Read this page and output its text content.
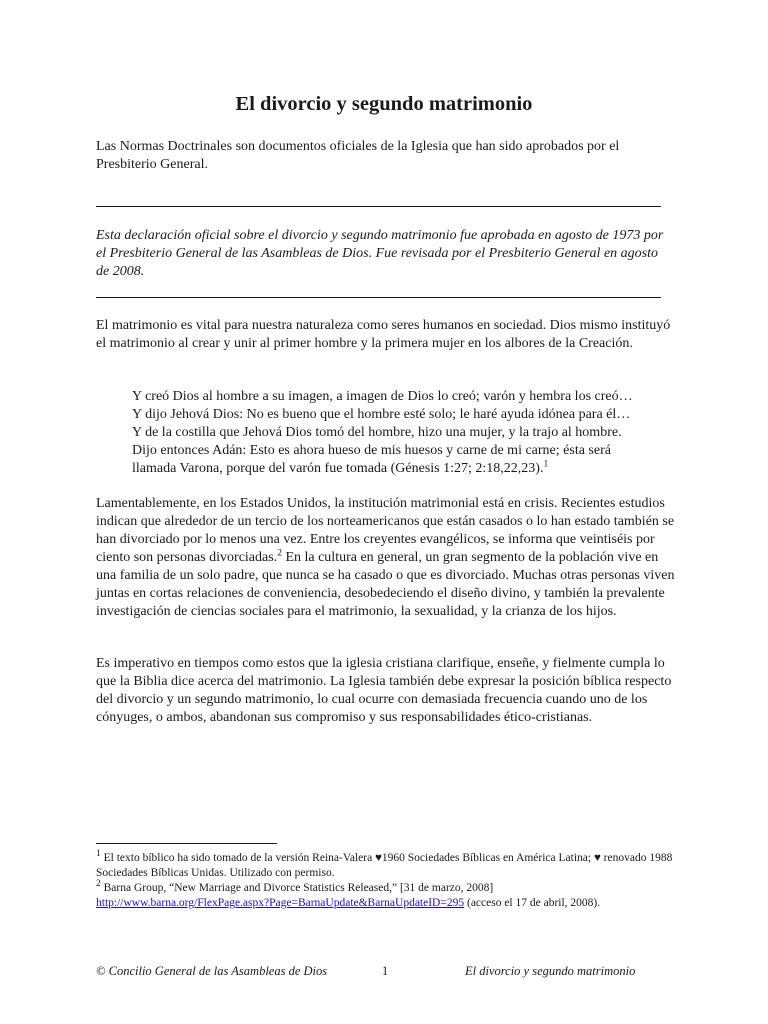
El divorcio y segundo matrimonio

Las Normas Doctrinales son documentos oficiales de la Iglesia que han sido aprobados por el Presbiterio General.

Esta declaración oficial sobre el divorcio y segundo matrimonio fue aprobada en agosto de 1973 por el Presbiterio General de las Asambleas de Dios. Fue revisada por el Presbiterio General en agosto de 2008.

El matrimonio es vital para nuestra naturaleza como seres humanos en sociedad. Dios mismo instituyó el matrimonio al crear y unir al primer hombre y la primera mujer en los albores de la Creación.

Y creó Dios al hombre a su imagen, a imagen de Dios lo creó; varón y hembra los creó…
Y dijo Jehová Dios: No es bueno que el hombre esté solo; le haré ayuda idónea para él…
Y de la costilla que Jehová Dios tomó del hombre, hizo una mujer, y la trajo al hombre.
Dijo entonces Adán: Esto es ahora hueso de mis huesos y carne de mi carne; ésta será
llamada Varona, porque del varón fue tomada (Génesis 1:27; 2:18,22,23).$^1$

Lamentablemente, en los Estados Unidos, la institución matrimonial está en crisis. Recientes estudios indican que alrededor de un tercio de los norteamericanos que están casados o lo han estado también se han divorciado por lo menos una vez. Entre los creyentes evangélicos, se informa que veintiséis por ciento son personas divorciadas.$^2$ En la cultura en general, un gran segmento de la población vive en una familia de un solo padre, que nunca se ha casado o que es divorciado. Muchas otras personas viven juntas en cortas relaciones de conveniencia, desobedeciendo el diseño divino, y también la prevalente investigación de ciencias sociales para el matrimonio, la sexualidad, y la crianza de los hijos.

Es imperativo en tiempos como estos que la iglesia cristiana clarifique, enseñe, y fielmente cumpla lo que la Biblia dice acerca del matrimonio. La Iglesia también debe expresar la posición bíblica respecto del divorcio y un segundo matrimonio, lo cual ocurre con demasiada frecuencia cuando uno de los cónyuges, o ambos, abandonan sus compromiso y sus responsabilidades ético-cristianas.

$^1$ El texto bíblico ha sido tomado de la versión Reina-Valera ♥1960 Sociedades Bíblicas en América Latina; ♥ renovado 1988 Sociedades Bíblicas Unidas. Utilizado con permiso.

$^2$ Barna Group, “New Marriage and Divorce Statistics Released,” [31 de marzo, 2008]
http://www.barna.org/FlexPage.aspx?Page=BarnaUpdate&BarnaUpdateID=295 (acceso el 17 de abril, 2008).

© Concilio General de las Asambleas de Dios	1	El divorcio y segundo matrimonio
